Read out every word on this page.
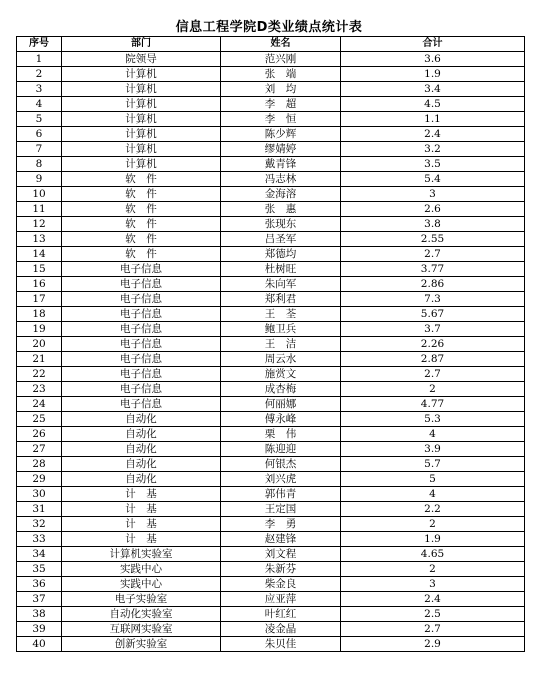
信息工程学院D类业绩点统计表
序号	部门	姓名	合计
1	院领导	范兴刚	3.6
2	计算机	张　端	1.9
3	计算机	刘　均	3.4
4	计算机	李　超	4.5
5	计算机	李　恒	1.1
6	计算机	陈少辉	2.4
7	计算机	缪婧婷	3.2
8	计算机	戴青锋	3.5
9	软　件	冯志林	5.4
10	软　件	金海溶	3
11	软　件	张　惠	2.6
12	软　件	张现东	3.8
13	软　件	吕圣军	2.55
14	软　件	郑德均	2.7
15	电子信息	杜树旺	3.77
16	电子信息	朱向军	2.86
17	电子信息	郑利君	7.3
18	电子信息	王　荃	5.67
19	电子信息	鲍卫兵	3.7
20	电子信息	王　洁	2.26
21	电子信息	周云水	2.87
22	电子信息	施赏文	2.7
23	电子信息	成杏梅	2
24	电子信息	何丽娜	4.77
25	自动化	傅永峰	5.3
26	自动化	栗　伟	4
27	自动化	陈迎迎	3.9
28	自动化	何银杰	5.7
29	自动化	刘兴虎	5
30	计　基	郭伟青	4
31	计　基	王定国	2.2
32	计　基	李　勇	2
33	计　基	赵建锋	1.9
34	计算机实验室	刘文程	4.65
35	实践中心	朱新芬	2
36	实践中心	柴金良	3
37	电子实验室	应亚萍	2.4
38	自动化实验室	叶红红	2.5
39	互联网实验室	凌金晶	2.7
40	创新实验室	朱贝佳	2.9
